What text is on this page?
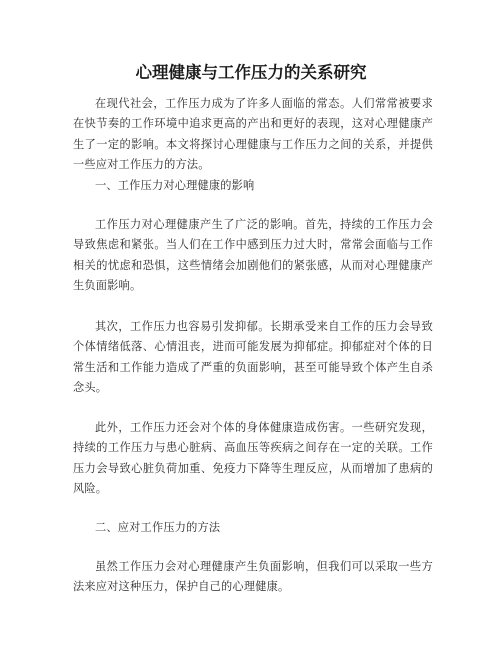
心理健康与工作压力的关系研究

在现代社会，工作压力成为了许多人面临的常态。人们常常被要求在快节奏的工作环境中追求更高的产出和更好的表现，这对心理健康产生了一定的影响。本文将探讨心理健康与工作压力之间的关系，并提供一些应对工作压力的方法。

一、工作压力对心理健康的影响

工作压力对心理健康产生了广泛的影响。首先，持续的工作压力会导致焦虑和紧张。当人们在工作中感到压力过大时，常常会面临与工作相关的忧虑和恐惧，这些情绪会加剧他们的紧张感，从而对心理健康产生负面影响。

其次，工作压力也容易引发抑郁。长期承受来自工作的压力会导致个体情绪低落、心情沮丧，进而可能发展为抑郁症。抑郁症对个体的日常生活和工作能力造成了严重的负面影响，甚至可能导致个体产生自杀念头。

此外，工作压力还会对个体的身体健康造成伤害。一些研究发现，持续的工作压力与患心脏病、高血压等疾病之间存在一定的关联。工作压力会导致心脏负荷加重、免疫力下降等生理反应，从而增加了患病的风险。

二、应对工作压力的方法

虽然工作压力会对心理健康产生负面影响，但我们可以采取一些方法来应对这种压力，保护自己的心理健康。
